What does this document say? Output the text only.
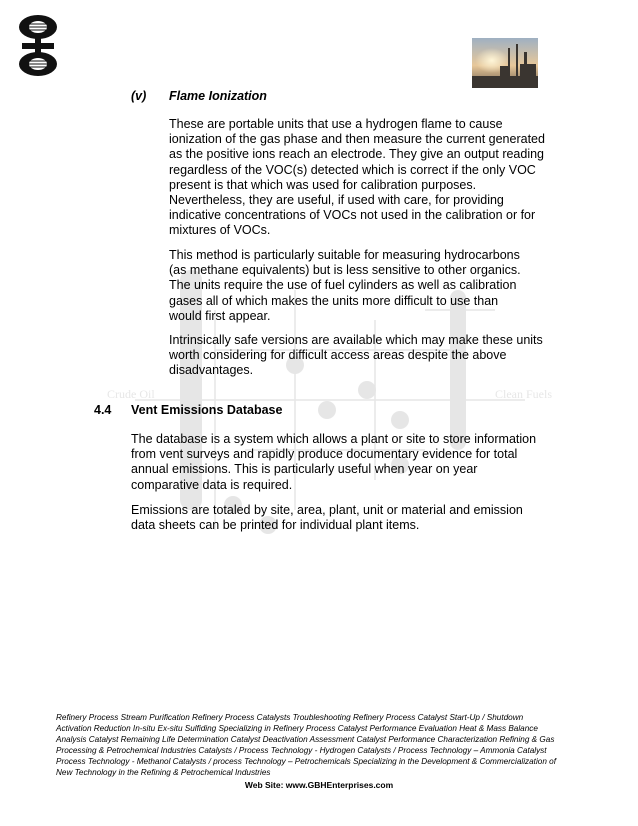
Crude Oil	Clean Fuels
(v) Flame Ionization

These are portable units that use a hydrogen flame to cause ionization of the gas phase and then measure the current generated as the positive ions reach an electrode. They give an output reading regardless of the VOC(s) detected which is correct if the only VOC present is that which was used for calibration purposes. Nevertheless, they are useful, if used with care, for providing indicative concentrations of VOCs not used in the calibration or for mixtures of VOCs.

This method is particularly suitable for measuring hydrocarbons (as methane equivalents) but is less sensitive to other organics. The units require the use of fuel cylinders as well as calibration gases all of which makes the units more difficult to use than would first appear.

Intrinsically safe versions are available which may make these units worth considering for difficult access areas despite the above disadvantages.

4.4 Vent Emissions Database

The database is a system which allows a plant or site to store information from vent surveys and rapidly produce documentary evidence for total annual emissions. This is particularly useful when year on year comparative data is required.

Emissions are totaled by site, area, plant, unit or material and emission data sheets can be printed for individual plant items.

Refinery Process Stream Purification Refinery Process Catalysts Troubleshooting Refinery Process Catalyst Start-Up / Shutdown Activation Reduction In-situ Ex-situ Sulfiding Specializing in Refinery Process Catalyst Performance Evaluation Heat & Mass Balance Analysis Catalyst Remaining Life Determination Catalyst Deactivation Assessment Catalyst Performance Characterization Refining & Gas Processing & Petrochemical Industries Catalysts / Process Technology - Hydrogen Catalysts / Process Technology – Ammonia Catalyst Process Technology - Methanol Catalysts / process Technology – Petrochemicals Specializing in the Development & Commercialization of New Technology in the Refining & Petrochemical Industries

Web Site: www.GBHEnterprises.com
